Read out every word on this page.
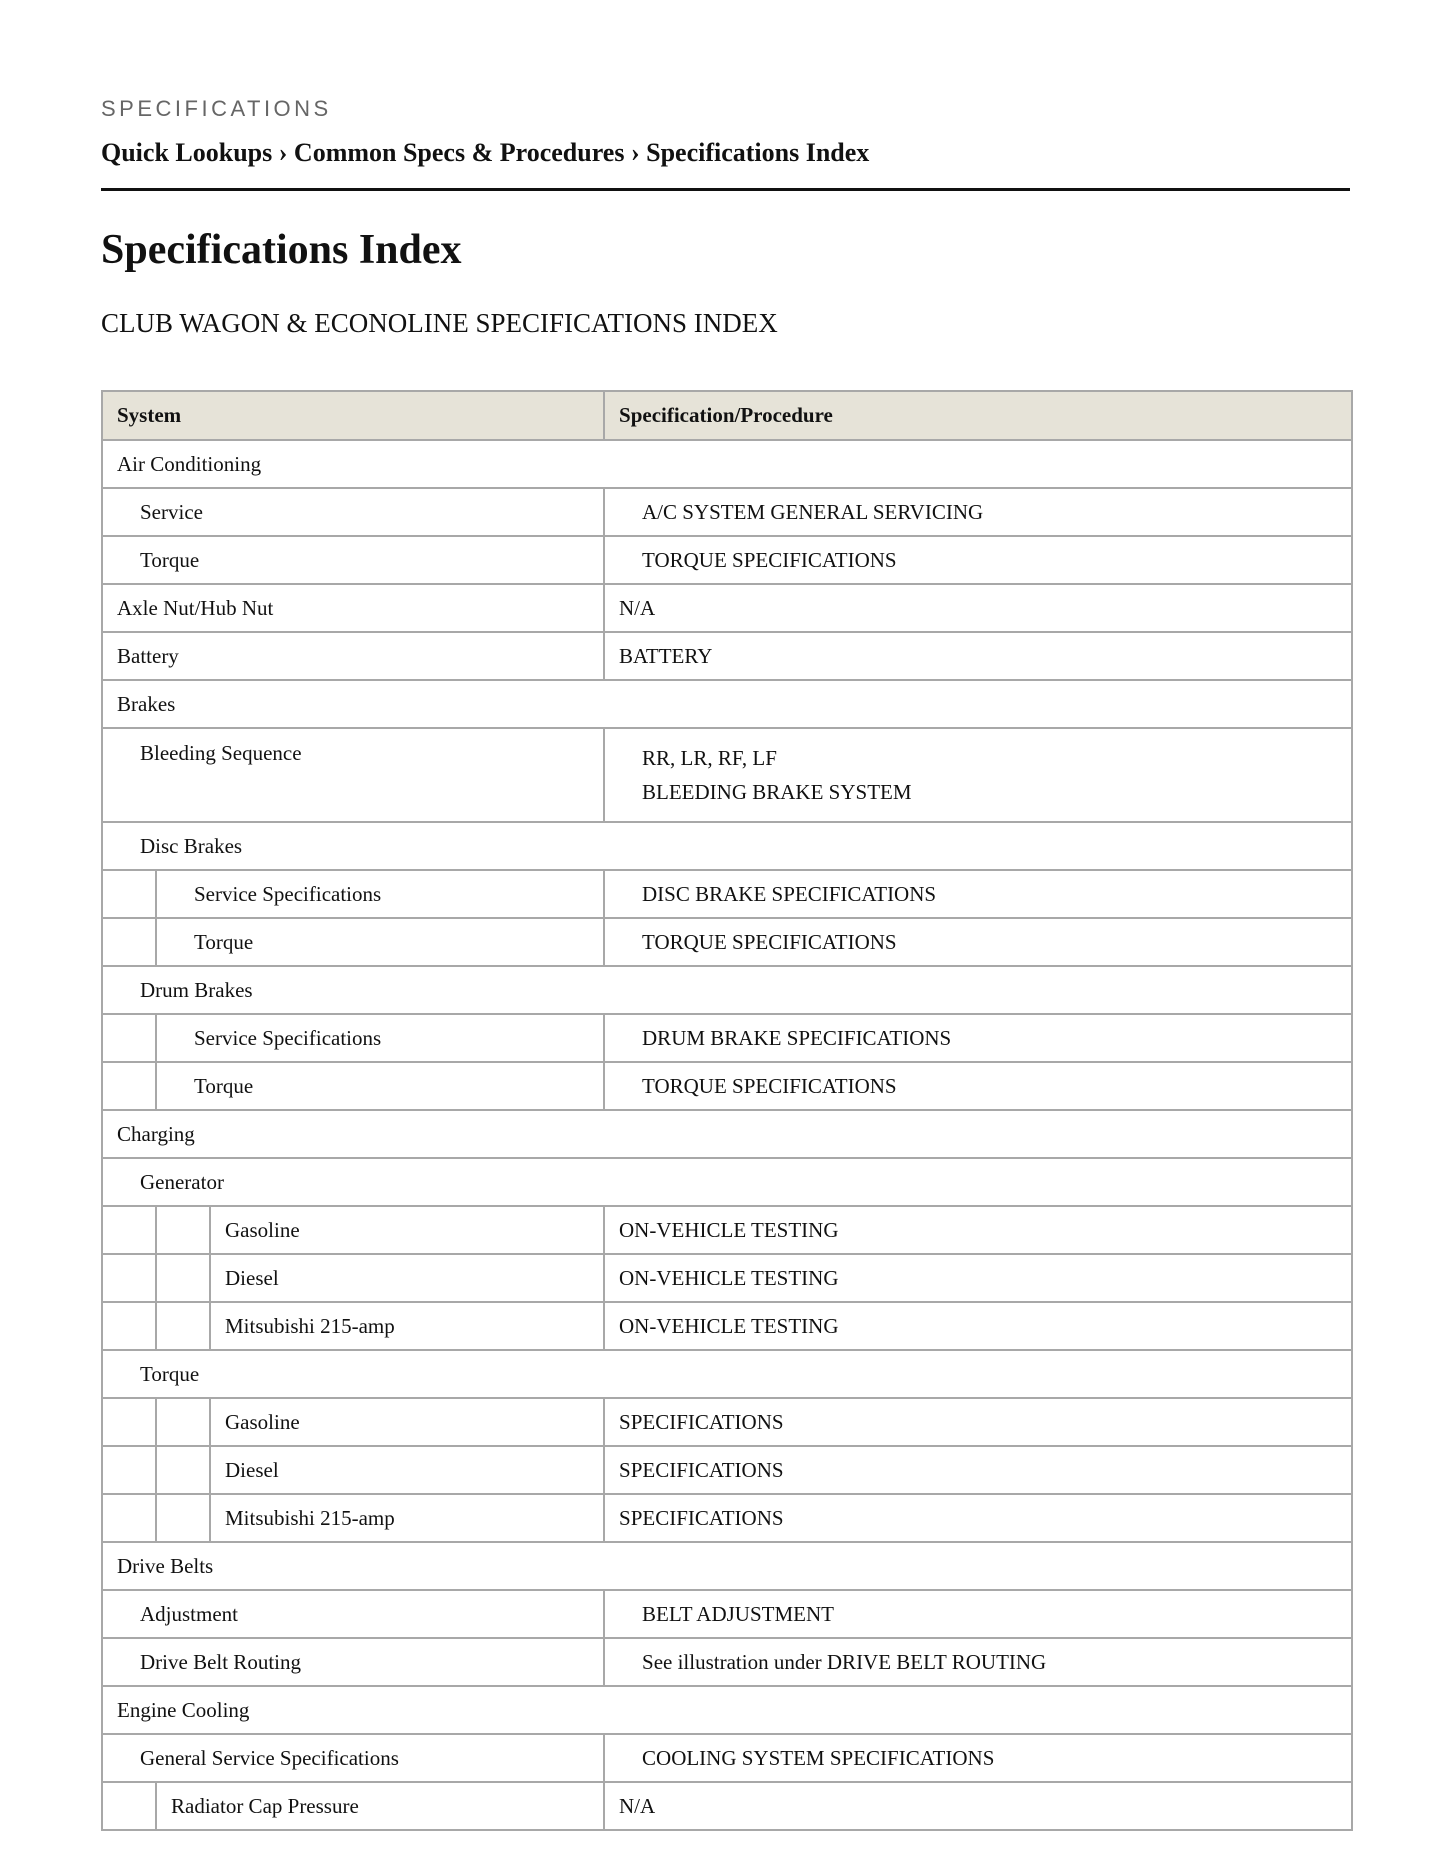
SPECIFICATIONS
Quick Lookups › Common Specs & Procedures › Specifications Index
Specifications Index
CLUB WAGON & ECONOLINE SPECIFICATIONS INDEX
System			Specification/Procedure
Air Conditioning			
Service			A/C SYSTEM GENERAL SERVICING
Torque			TORQUE SPECIFICATIONS
Axle Nut/Hub Nut			N/A
Battery			BATTERY
Brakes			
Bleeding Sequence			RR, LR, RF, LF
BLEEDING BRAKE SYSTEM

Disc Brakes			
	Service Specifications		DISC BRAKE SPECIFICATIONS
	Torque		TORQUE SPECIFICATIONS
Drum Brakes			
	Service Specifications		DRUM BRAKE SPECIFICATIONS
	Torque		TORQUE SPECIFICATIONS
Charging			
Generator			
		Gasoline	ON-VEHICLE TESTING
		Diesel	ON-VEHICLE TESTING
		Mitsubishi 215-amp	ON-VEHICLE TESTING
Torque			
		Gasoline	SPECIFICATIONS
		Diesel	SPECIFICATIONS
		Mitsubishi 215-amp	SPECIFICATIONS
Drive Belts			
Adjustment			BELT ADJUSTMENT
Drive Belt Routing			See illustration under DRIVE BELT ROUTING
Engine Cooling			
General Service Specifications			COOLING SYSTEM SPECIFICATIONS
	Radiator Cap Pressure		N/A
